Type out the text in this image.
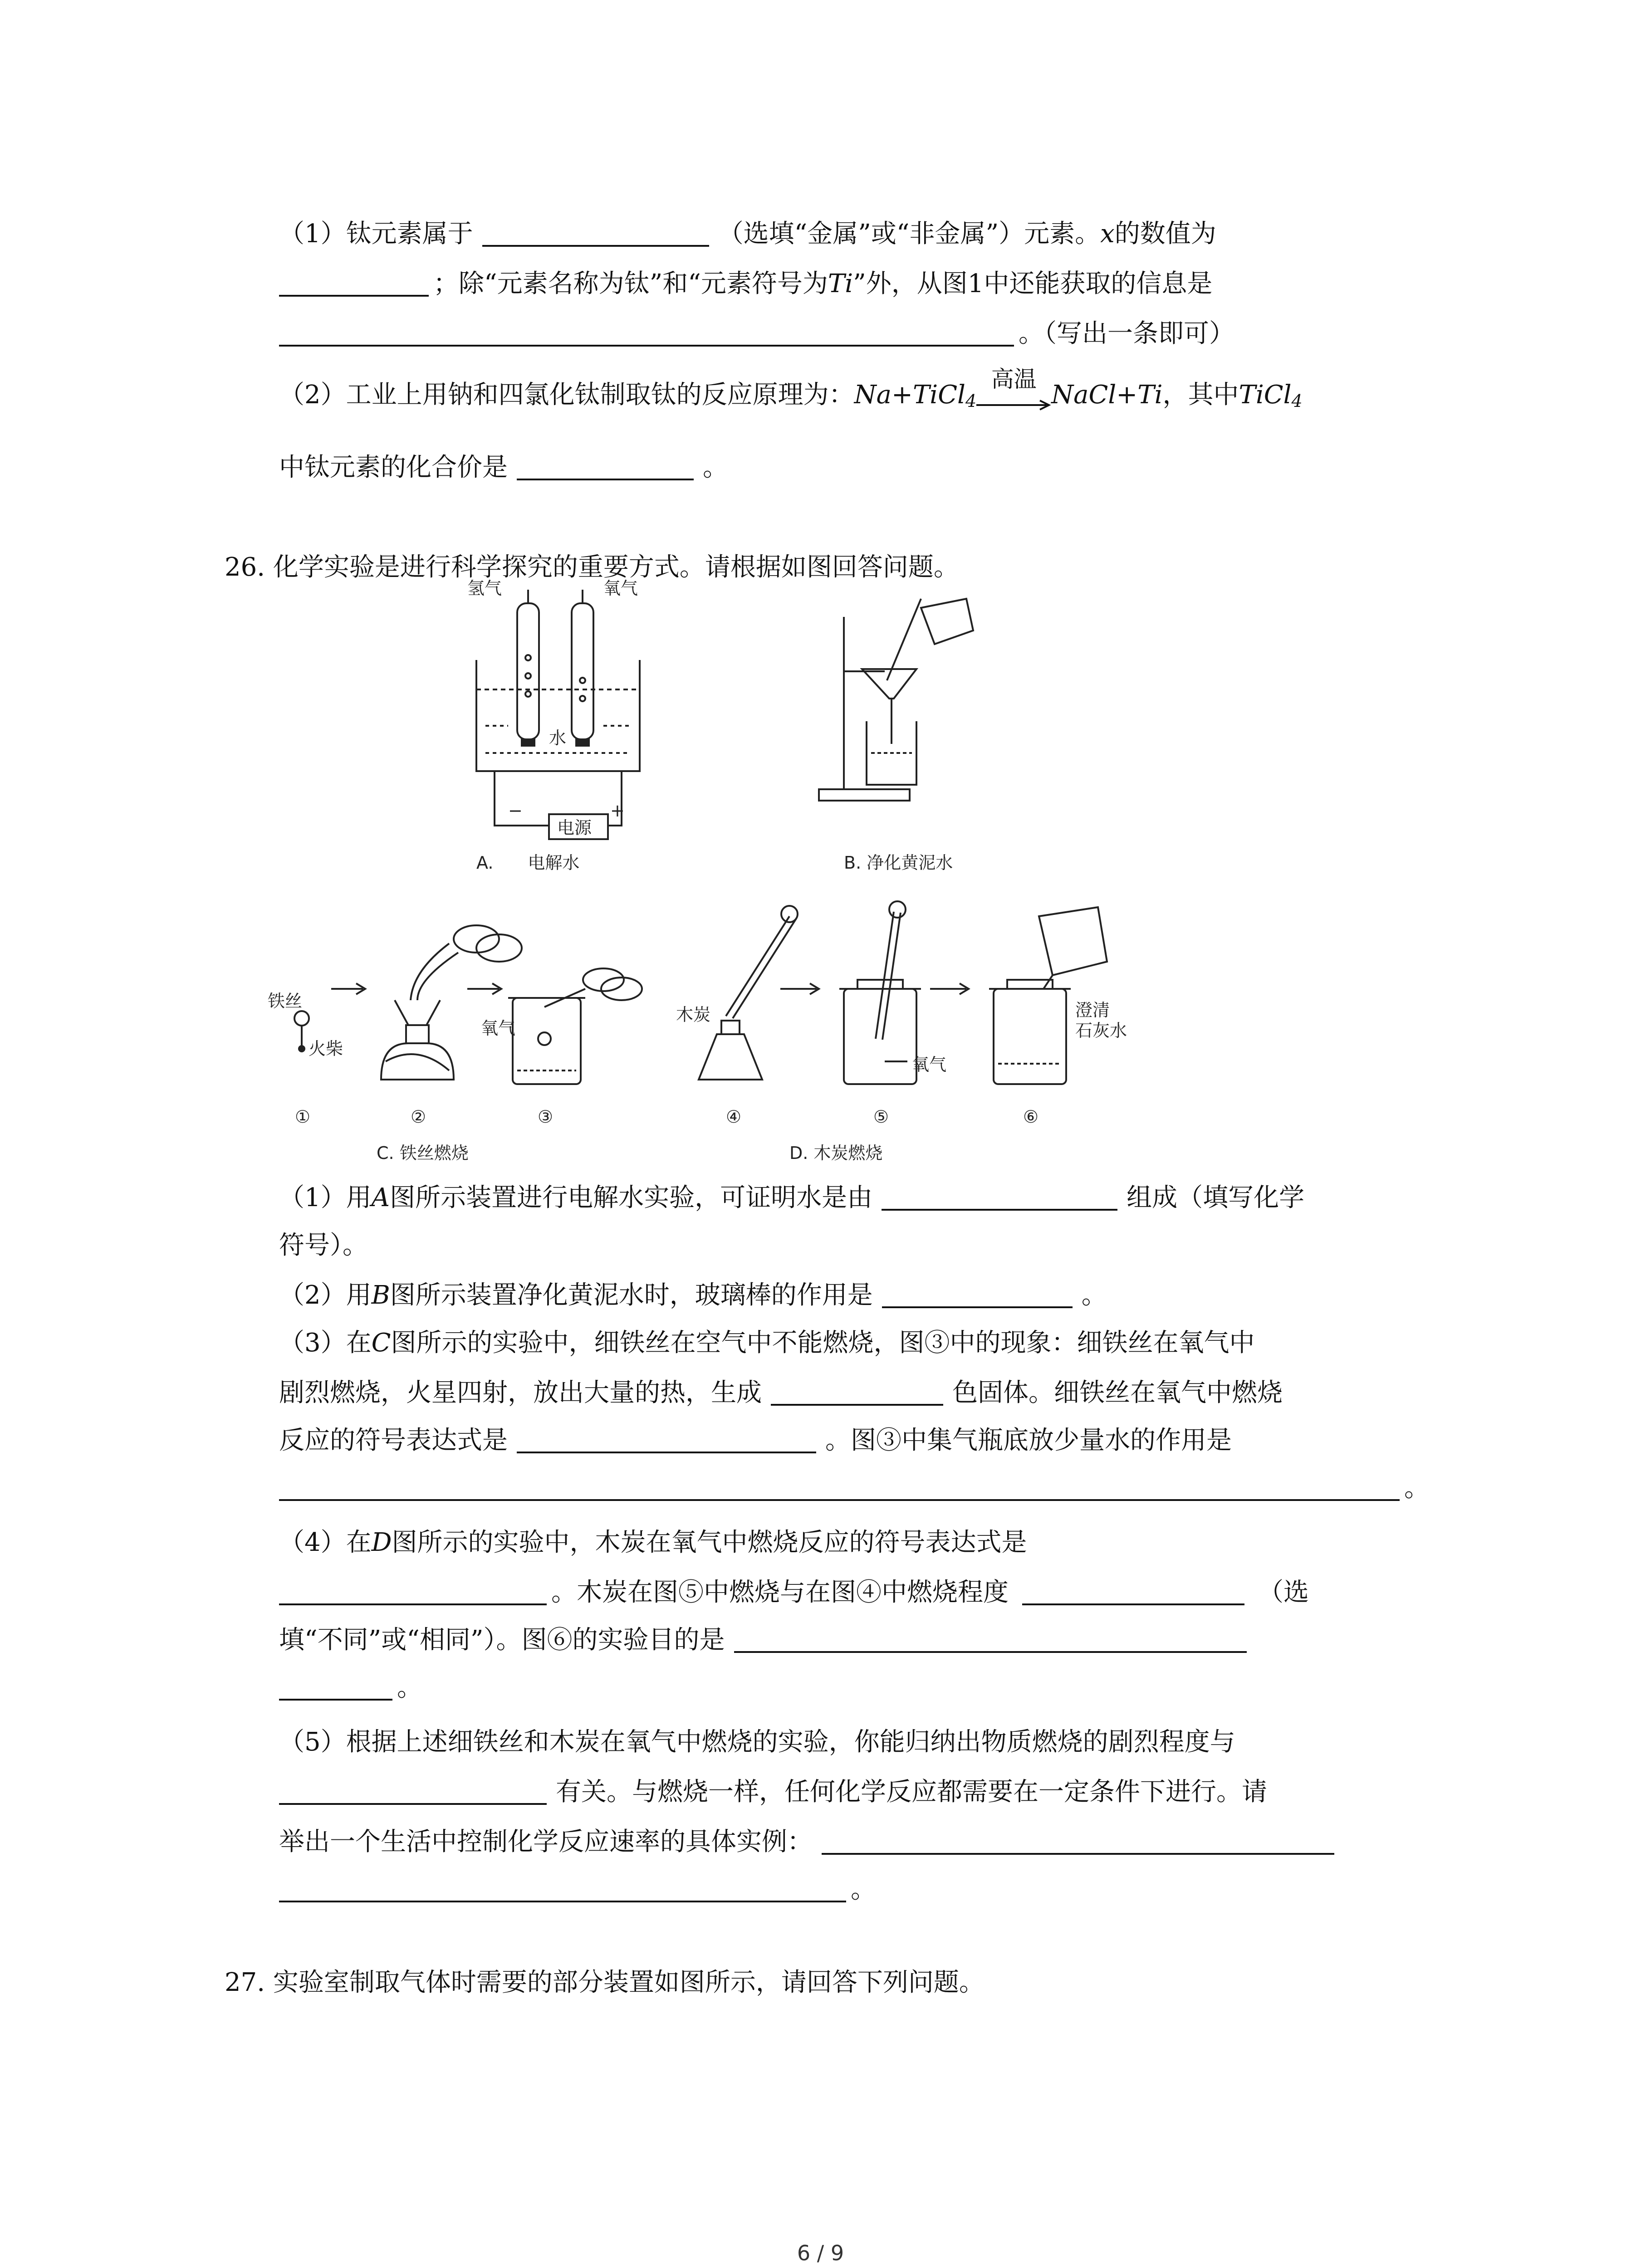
（1）钛元素属于	（选填“金属”或“非金属”）元素。x的数值为
；除“元素名称为钛”和“元素符号为Ti”外，从图1中还能获取的信息是
。（写出一条即可）
（2）工业上用钠和四氯化钛制取钛的反应原理为：Na+TiCl$_4$
高温
NaCl+Ti，其中TiCl$_4$
中钛元素的化合价是	。
26. 化学实验是进行科学探究的重要方式。请根据如图回答问题。
氢气	氧气
水
电源
−	+
A.　　电解水	B. 净化黄泥水
铁丝
火柴
氧气
①	②	③
C. 铁丝燃烧
木炭
氧气
澄清
石灰水
④	⑤	⑥
D. 木炭燃烧
（1）用A图所示装置进行电解水实验，可证明水是由	组成（填写化学
符号）。
（2）用B图所示装置净化黄泥水时，玻璃棒的作用是	。
（3）在C图所示的实验中，细铁丝在空气中不能燃烧，图③中的现象：细铁丝在氧气中
剧烈燃烧，火星四射，放出大量的热，生成	色固体。细铁丝在氧气中燃烧
反应的符号表达式是	。图③中集气瓶底放少量水的作用是
。
（4）在D图所示的实验中，木炭在氧气中燃烧反应的符号表达式是
。木炭在图⑤中燃烧与在图④中燃烧程度	（选
填“不同”或“相同”）。图⑥的实验目的是
。
（5）根据上述细铁丝和木炭在氧气中燃烧的实验，你能归纳出物质燃烧的剧烈程度与
有关。与燃烧一样，任何化学反应都需要在一定条件下进行。请
举出一个生活中控制化学反应速率的具体实例：
。
27. 实验室制取气体时需要的部分装置如图所示，请回答下列问题。
6 / 9
